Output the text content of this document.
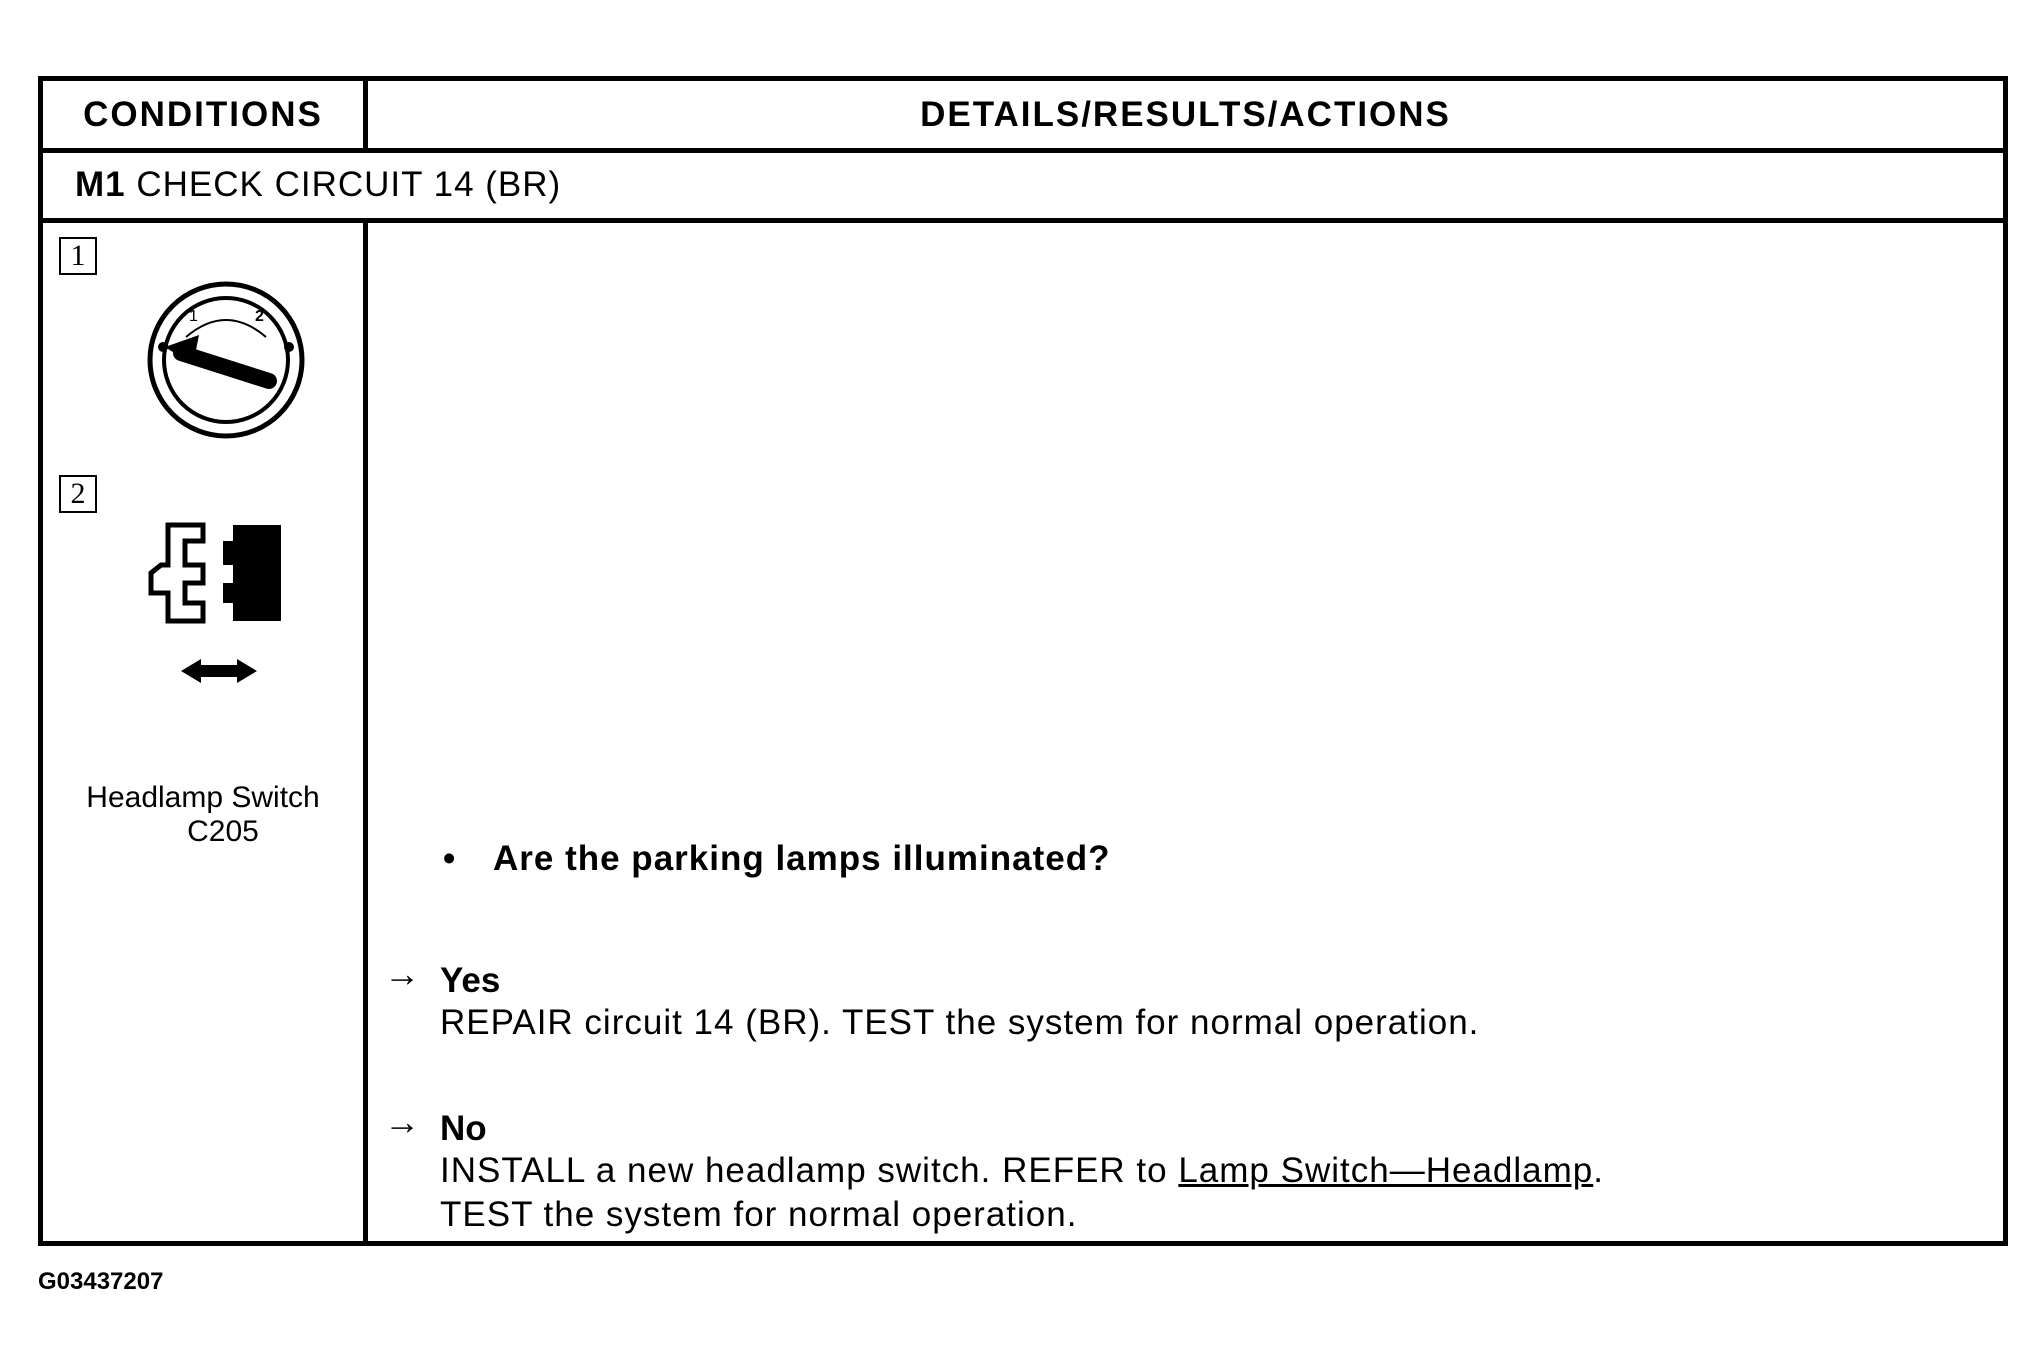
CONDITIONS	DETAILS/RESULTS/ACTIONS
M1 CHECK CIRCUIT 14 (BR)
1
1	2
2
Headlamp Switch
C205
• Are the parking lamps illuminated?
→ Yes
REPAIR circuit 14 (BR). TEST the system for normal operation.
→ No
INSTALL a new headlamp switch. REFER to Lamp Switch—Headlamp.
TEST the system for normal operation.
G03437207
